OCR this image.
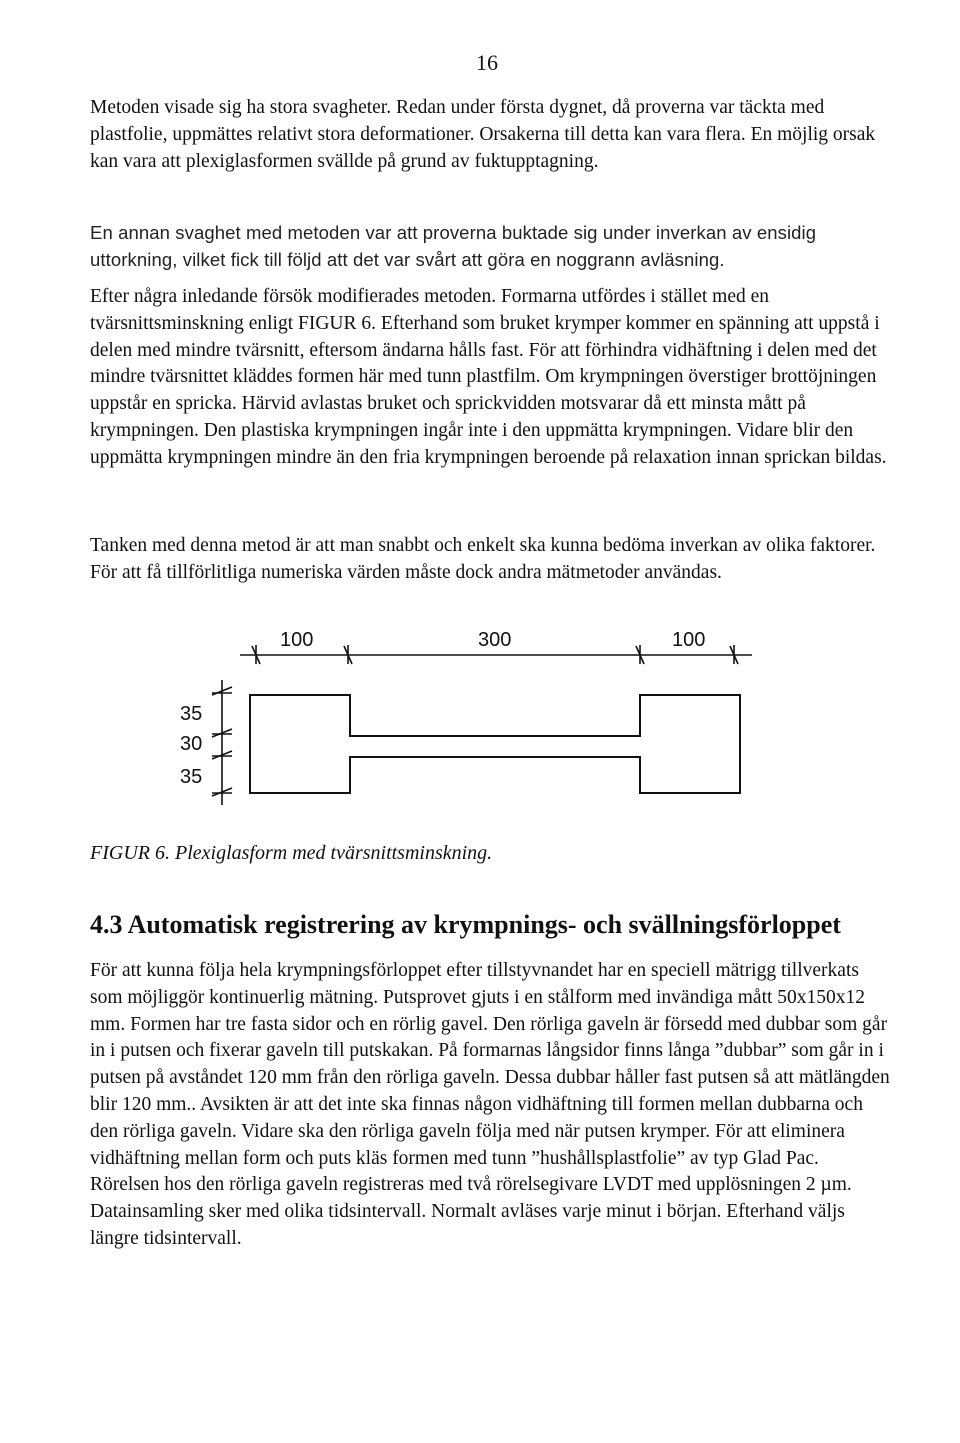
16

Metoden visade sig ha stora svagheter. Redan under första dygnet, då proverna var täckta med plastfolie, uppmättes relativt stora deformationer. Orsakerna till detta kan vara flera. En möjlig orsak kan vara att plexiglasformen svällde på grund av fuktupptagning.

En annan svaghet med metoden var att proverna buktade sig under inverkan av ensidig uttorkning, vilket fick till följd att det var svårt att göra en noggrann avläsning.

Efter några inledande försök modifierades metoden. Formarna utfördes i stället med en tvärsnittsminskning enligt FIGUR 6. Efterhand som bruket krymper kommer en spänning att uppstå i delen med mindre tvärsnitt, eftersom ändarna hålls fast. För att förhindra vidhäftning i delen med det mindre tvärsnittet kläddes formen här med tunn plastfilm. Om krympningen överstiger brottöjningen uppstår en spricka. Härvid avlastas bruket och sprickvidden motsvarar då ett minsta mått på krympningen. Den plastiska krympningen ingår inte i den uppmätta krympningen. Vidare blir den uppmätta krympningen mindre än den fria krympningen beroende på relaxation innan sprickan bildas.

Tanken med denna metod är att man snabbt och enkelt ska kunna bedöma inverkan av olika faktorer. För att få tillförlitliga numeriska värden måste dock andra mätmetoder användas.

100	300	100
35
30
35
FIGUR 6. Plexiglasform med tvärsnittsminskning.
4.3 Automatisk registrering av krympnings- och svällningsförloppet

För att kunna följa hela krympningsförloppet efter tillstyvnandet har en speciell mätrigg tillverkats som möjliggör kontinuerlig mätning. Putsprovet gjuts i en stålform med invändiga mått 50x150x12 mm. Formen har tre fasta sidor och en rörlig gavel. Den rörliga gaveln är försedd med dubbar som går in i putsen och fixerar gaveln till putskakan. På formarnas långsidor finns långa ”dubbar” som går in i putsen på avståndet 120 mm från den rörliga gaveln. Dessa dubbar håller fast putsen så att mätlängden blir 120 mm.. Avsikten är att det inte ska finnas någon vidhäftning till formen mellan dubbarna och den rörliga gaveln. Vidare ska den rörliga gaveln följa med när putsen krymper. För att eliminera vidhäftning mellan form och puts kläs formen med tunn ”hushållsplastfolie” av typ Glad Pac. Rörelsen hos den rörliga gaveln registreras med två rörelsegivare LVDT med upplösningen 2 µm. Datainsamling sker med olika tidsintervall. Normalt avläses varje minut i början. Efterhand väljs längre tidsintervall.
